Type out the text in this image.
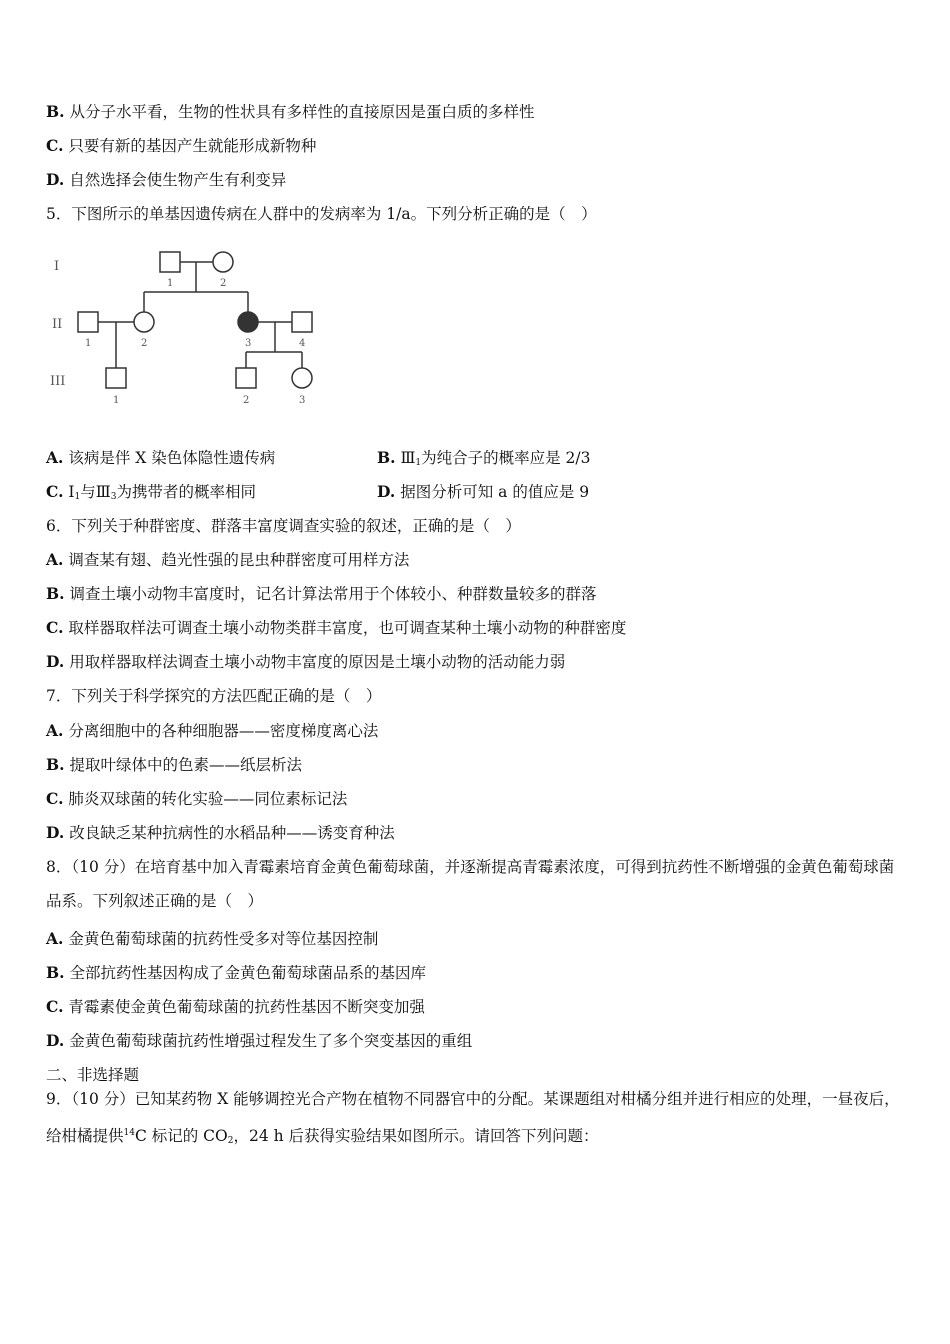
B. 从分子水平看，生物的性状具有多样性的直接原因是蛋白质的多样性
C. 只要有新的基因产生就能形成新物种
D. 自然选择会使生物产生有利变异
5．下图所示的单基因遗传病在人群中的发病率为 1/a。下列分析正确的是（　）
I
II
III
1	2
1	2	3	4
1	2	3
A. 该病是伴 X 染色体隐性遗传病	B. $Ⅲ_1$为纯合子的概率应是 2/3
C. $Ⅰ_1$与$Ⅲ_3$为携带者的概率相同	D. 据图分析可知 a 的值应是 9
6．下列关于种群密度、群落丰富度调查实验的叙述，正确的是（　）
A. 调查某有翅、趋光性强的昆虫种群密度可用样方法
B. 调查土壤小动物丰富度时，记名计算法常用于个体较小、种群数量较多的群落
C. 取样器取样法可调查土壤小动物类群丰富度，也可调查某种土壤小动物的种群密度
D. 用取样器取样法调查土壤小动物丰富度的原因是土壤小动物的活动能力弱
7．下列关于科学探究的方法匹配正确的是（　）
A. 分离细胞中的各种细胞器——密度梯度离心法
B. 提取叶绿体中的色素——纸层析法
C. 肺炎双球菌的转化实验——同位素标记法
D. 改良缺乏某种抗病性的水稻品种——诱变育种法
8．（10 分）在培育基中加入青霉素培育金黄色葡萄球菌，并逐渐提高青霉素浓度，可得到抗药性不断增强的金黄色葡萄球菌品系。下列叙述正确的是（　）
A. 金黄色葡萄球菌的抗药性受多对等位基因控制
B. 全部抗药性基因构成了金黄色葡萄球菌品系的基因库
C. 青霉素使金黄色葡萄球菌的抗药性基因不断突变加强
D. 金黄色葡萄球菌抗药性增强过程发生了多个突变基因的重组
二、非选择题
9．（10 分）已知某药物 X 能够调控光合产物在植物不同器官中的分配。某课题组对柑橘分组并进行相应的处理，一昼夜后，给柑橘提供$^{14}$C 标记的 $CO_2$，24 h 后获得实验结果如图所示。请回答下列问题：
